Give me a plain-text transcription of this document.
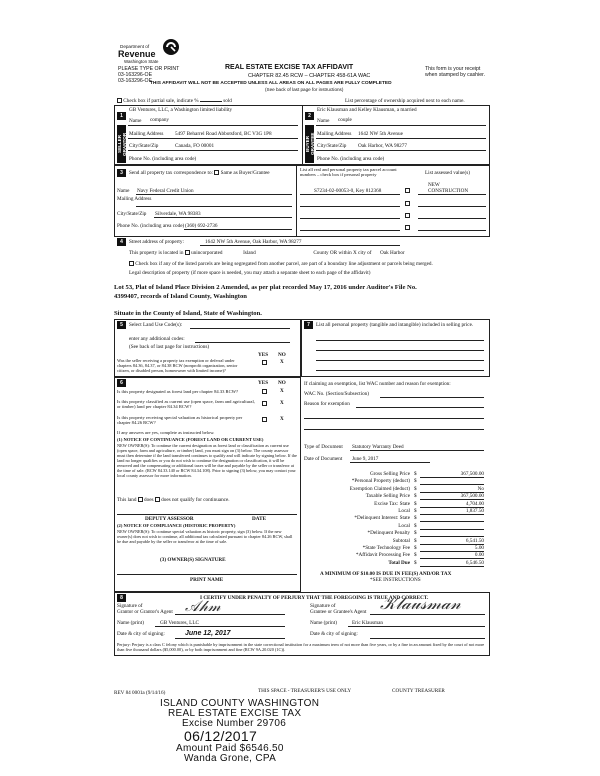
Department of
Revenue
Washington State
PLEASE TYPE OR PRINT
03-163296-OE
03-163296-OE
REAL ESTATE EXCISE TAX AFFIDAVIT
CHAPTER 82.45 RCW – CHAPTER 458-61A WAC
THIS AFFIDAVIT WILL NOT BE ACCEPTED UNLESS ALL AREAS ON ALL PAGES ARE FULLY COMPLETED
(See back of last page for instructions)
This form is your receipt
when stamped by cashier.
Check box if partial sale, indicate %	sold	List percentage of ownership acquired next to each name.
1	2
SELLER GRANTOR	BUYER GRANTEE
GB Ventures, LLC, a Washington limited liability
Name company
Mailing Address 5497 Beharrel Road Abbotsford, BC V3G 1P8
City/State/Zip	Canada, FO 00001
Phone No. (including area code)
Eric Klausman and Kelley Klausman, a married
Name couple
Mailing Address 1642 NW 5th Avenue
City/State/Zip Oak Harbor, WA 98277
Phone No. (including area code)
3	Send all property tax correspondence to: Same as Buyer/Grantee
Name Navy Federal Credit Union
Mailing Address
City/State/Zip Silverdale, WA 98383
Phone No. (including area code) (360) 692-2736
List all real and personal property tax parcel account numbers – check box if personal property	List assessed value(s)
S7234-02-00053-0, Key 812368
NEW
CONSTRUCTION
4	Street address of property:	1642 NW 5th Avenue, Oak Harbor, WA 98277
This property is located in unincorporated	Island	County OR within X city of Oak Harbor
Check box if any of the listed parcels are being segregated from another parcel, are part of a boundary line adjustment or parcels being merged.
Legal description of property (if more space is needed, you may attach a separate sheet to each page of the affidavit)
Lot 53, Plat of Island Place Division 2 Amended, as per plat recorded May 17, 2016 under Auditor's File No.
4399407, records of Island County, Washington
Situate in the County of Island, State of Washington.
5	Select Land Use Code(s):
enter any additional codes:
(See back of last page for instructions)
YES NO
Was the seller receiving a property tax exemption or deferral under chapters 84.36, 84.37, or 84.38 RCW (nonprofit organization, senior citizen, or disabled person, homeowner with limited income)?
X
6	YES NO
Is this property designated as forest land per chapter 84.33 RCW?	X
Is this property classified as current use (open space, farm and agricultural, or timber) land per chapter 84.34 RCW?
X
Is this property receiving special valuation as historical property per chapter 84.26 RCW?
X
If any answers are yes, complete as instructed below.
(1) NOTICE OF CONTINUANCE (FOREST LAND OR CURRENT USE)
NEW OWNER(S): To continue the current designation as forest land or classification as current use (open space, farm and agriculture, or timber) land, you must sign on (3) below. The county assessor must then determine if the land transferred continues to qualify and will indicate by signing below. If the land no longer qualifies or you do not wish to continue the designation or classification, it will be removed and the compensating or additional taxes will be due and payable by the seller or transferor at the time of sale. (RCW 84.33.140 or RCW 84.34.108). Prior to signing (3) below, you may contact your local county assessor for more information.
This land does does not qualify for continuance.
DEPUTY ASSESSOR	DATE
(2) NOTICE OF COMPLIANCE (HISTORIC PROPERTY)
NEW OWNER(S): To continue special valuation as historic property, sign (3) below. If the new owner(s) does not wish to continue, all additional tax calculated pursuant to chapter 84.26 RCW, shall be due and payable by the seller or transferor at the time of sale.
(3) OWNER(S) SIGNATURE
PRINT NAME
7	List all personal property (tangible and intangible) included in selling price.
If claiming an exemption, list WAC number and reason for exemption:
WAC No. (Section/Subsection)
Reason for exemption
Type of Document Statutory Warranty Deed
Date of Document June 9, 2017
Gross Selling Price $	367,500.00
*Personal Property (deduct) $
Exemption Claimed (deduct) $	No
Taxable Selling Price $	367,500.00
Excise Tax: State $	4,704.00
Local $	1,837.50
*Delinquent Interest: State $
Local $
*Delinquent Penalty $
Subtotal $	6,541.50
*State Technology Fee $	5.00
*Affidavit Processing Fee $	0.00
Total Due $	6,546.50
A MINIMUM OF $10.00 IS DUE IN FEE(S) AND/OR TAX
*SEE INSTRUCTIONS
8	I CERTIFY UNDER PENALTY OF PERJURY THAT THE FOREGOING IS TRUE AND CORRECT.
Signature of
Grantor or Grantor's Agent 𝒜𝒽𝓂
Name (print)	GB Ventures, LLC
Date & city of signing:	June 12, 2017
Signature of
Grantee or Grantee's Agent 𝒦𝓁𝒶𝓊𝓈𝓂𝒶𝓃
Name (print)	Eric Klausman
Date & city of signing:
Perjury: Perjury is a class C felony which is punishable by imprisonment in the state correctional institution for a maximum term of not more than five years, or by a fine in an amount fixed by the court of not more than five thousand dollars ($5,000.00), or by both imprisonment and fine (RCW 9A.20.020 (1C)).
REV 84 0001a (9/14/16)	THIS SPACE - TREASURER'S USE ONLY	COUNTY TREASURER
ISLAND COUNTY WASHINGTON
REAL ESTATE EXCISE TAX
Excise Number 29706
06/12/2017
Amount Paid $6546.50
Wanda Grone, CPA
